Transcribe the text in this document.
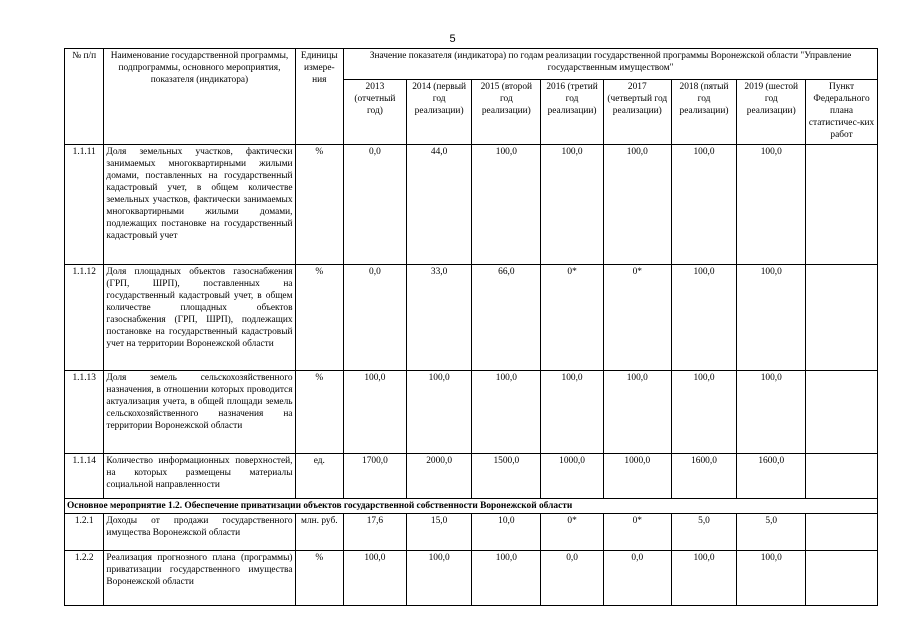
5
№ п/п	Наименование государственной программы, подпрограммы, основного мероприятия, показателя (индикатора)	Единицы измере-ния	Значение показателя (индикатора) по годам реализации государственной программы Воронежской области "Управление государственным имуществом"							
			2013 (отчетный год)	2014 (первый год реализации)	2015 (второй год реализации)	2016 (третий год реализации)	2017 (четвертый год реализации)	2018 (пятый год реализации)	2019 (шестой год реализации)	Пункт Федерального плана статистичес-ких работ
1.1.11	Доля земельных участков, фактически занимаемых многоквартирными жилыми домами, поставленных на государственный кадастровый учет, в общем количестве земельных участков, фактически занимаемых многоквартирными жилыми домами, подлежащих постановке на государственный кадастровый учет	%	0,0	44,0	100,0	100,0	100,0	100,0	100,0	
1.1.12	Доля площадных объектов газоснабжения (ГРП, ШРП), поставленных на государственный кадастровый учет, в общем количестве площадных объектов газоснабжения (ГРП, ШРП), подлежащих постановке на государственный кадастровый учет на территории Воронежской области	%	0,0	33,0	66,0	0*	0*	100,0	100,0	
1.1.13	Доля земель сельскохозяйственного назначения, в отношении которых проводится актуализация учета, в общей площади земель сельскохозяйственного назначения на территории Воронежской области	%	100,0	100,0	100,0	100,0	100,0	100,0	100,0	
1.1.14	Количество информационных поверхностей, на которых размещены материалы социальной направленности	ед.	1700,0	2000,0	1500,0	1000,0	1000,0	1600,0	1600,0	
Основное мероприятие 1.2. Обеспечение приватизации объектов государственной собственности Воронежской области										
1.2.1	Доходы от продажи государственного имущества Воронежской области	млн. руб.	17,6	15,0	10,0	0*	0*	5,0	5,0	
1.2.2	Реализация прогнозного плана (программы) приватизации государственного имущества Воронежской области	%	100,0	100,0	100,0	0,0	0,0	100,0	100,0	
